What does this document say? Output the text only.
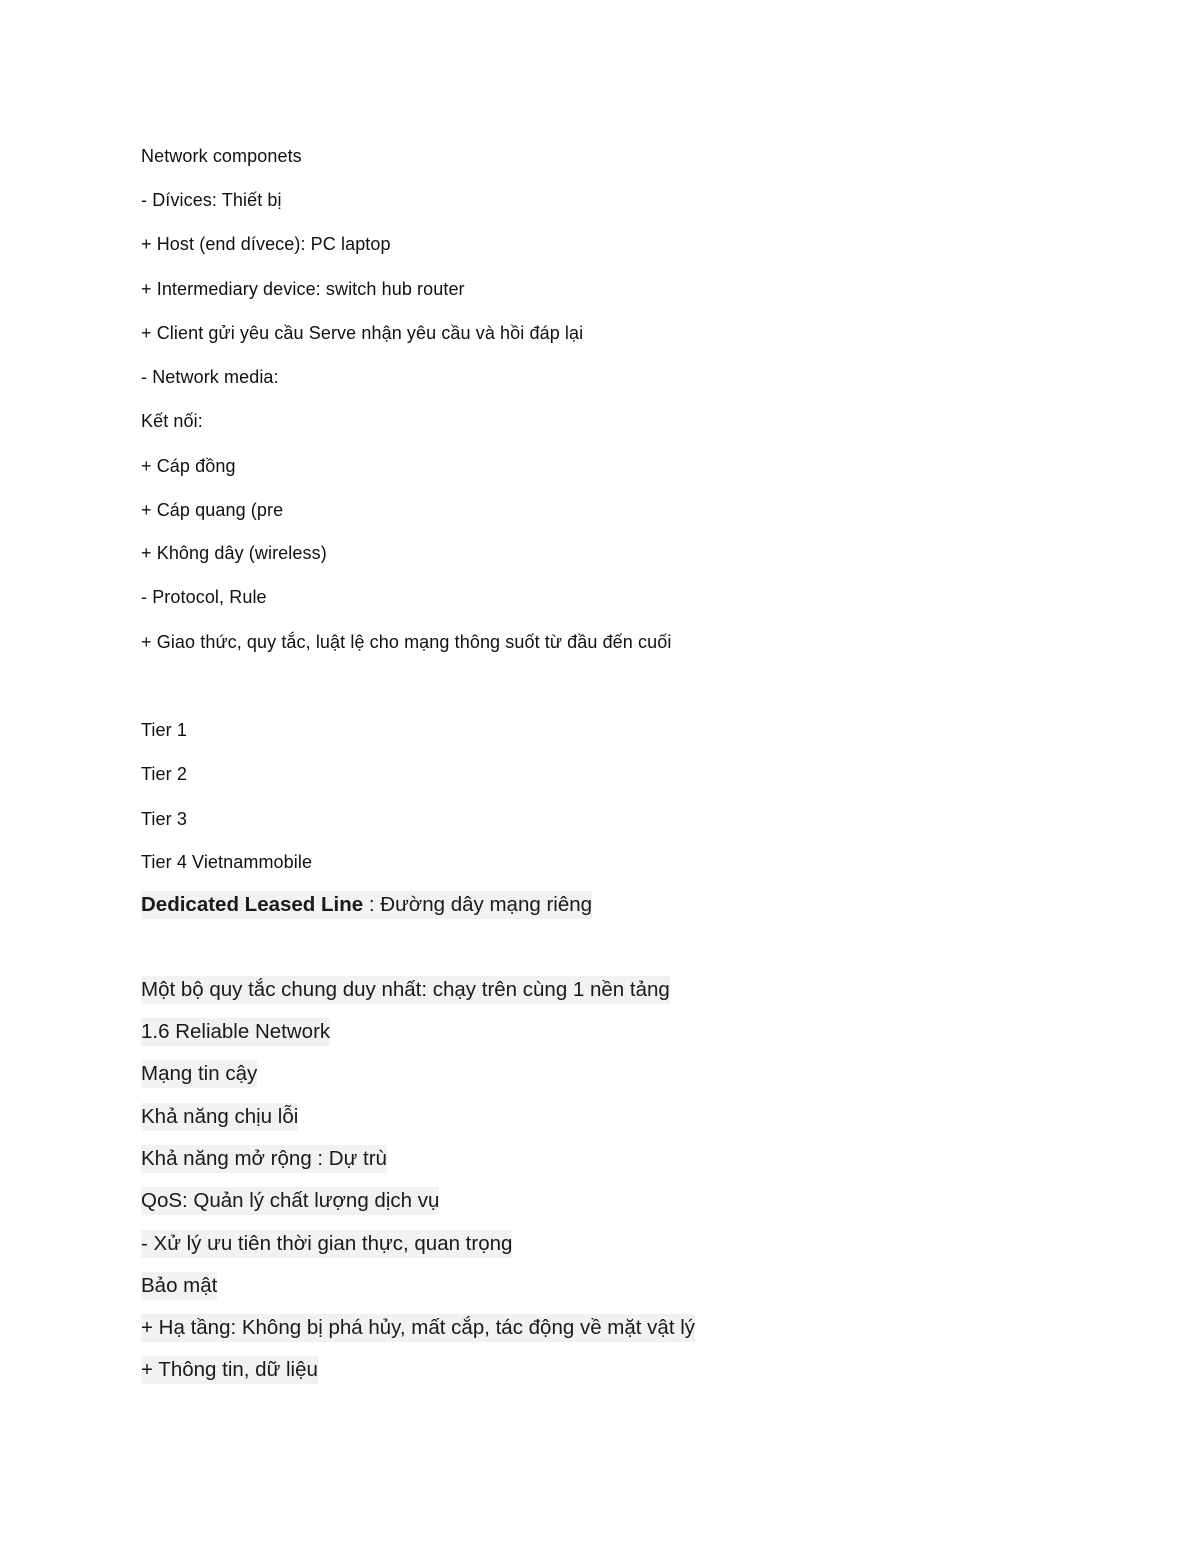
Network componets
- Dívices: Thiết bị
+ Host (end dívece): PC laptop
+ Intermediary device: switch hub router
+ Client gửi yêu cầu Serve nhận yêu cầu và hồi đáp lại
- Network media:
Kết nối:
+ Cáp đồng
+ Cáp quang (pre
+ Không dây (wireless)
- Protocol, Rule
+ Giao thức, quy tắc, luật lệ cho mạng thông suốt từ đầu đến cuối
Tier 1
Tier 2
Tier 3
Tier 4 Vietnammobile
Dedicated Leased Line : Đường dây mạng riêng
Một bộ quy tắc chung duy nhất: chạy trên cùng 1 nền tảng
1.6 Reliable Network
Mạng tin cậy
Khả năng chịu lỗi
Khả năng mở rộng : Dự trù
QoS: Quản lý chất lượng dịch vụ
- Xử lý ưu tiên thời gian thực, quan trọng
Bảo mật
+ Hạ tầng: Không bị phá hủy, mất cắp, tác động về mặt vật lý
+ Thông tin, dữ liệu
